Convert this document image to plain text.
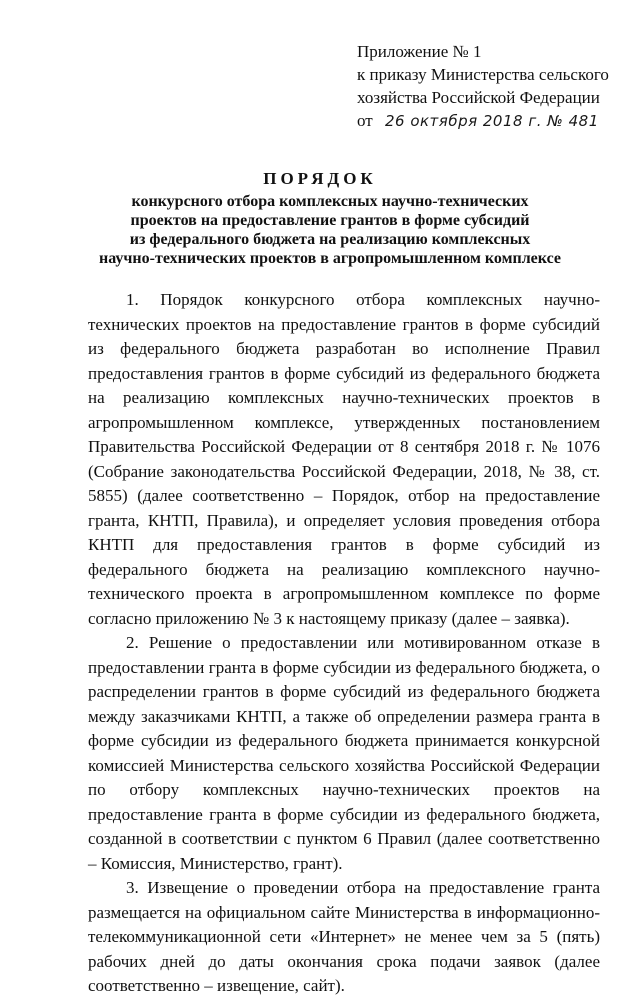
Приложение № 1
к приказу Министерства сельского
хозяйства Российской Федерации
от 26 октября 2018 г. № 481
ПОРЯДОК
конкурсного отбора комплексных научно-технических
проектов на предоставление грантов в форме субсидий
из федерального бюджета на реализацию комплексных
научно-технических проектов в агропромышленном комплексе

1. Порядок конкурсного отбора комплексных научно-технических проектов на предоставление грантов в форме субсидий из федерального бюджета разработан во исполнение Правил предоставления грантов в форме субсидий из федерального бюджета на реализацию комплексных научно-технических проектов в агропромышленном комплексе, утвержденных постановлением Правительства Российской Федерации от 8 сентября 2018 г. № 1076 (Собрание законодательства Российской Федерации, 2018, № 38, ст. 5855) (далее соответственно – Порядок, отбор на предоставление гранта, КНТП, Правила), и определяет условия проведения отбора КНТП для предоставления грантов в форме субсидий из федерального бюджета на реализацию комплексного научно-технического проекта в агропромышленном комплексе по форме согласно приложению № 3 к настоящему приказу (далее – заявка).

2. Решение о предоставлении или мотивированном отказе в предоставлении гранта в форме субсидии из федерального бюджета, о распределении грантов в форме субсидий из федерального бюджета между заказчиками КНТП, а также об определении размера гранта в форме субсидии из федерального бюджета принимается конкурсной комиссией Министерства сельского хозяйства Российской Федерации по отбору комплексных научно-технических проектов на предоставление гранта в форме субсидии из федерального бюджета, созданной в соответствии с пунктом 6 Правил (далее соответственно – Комиссия, Министерство, грант).

3. Извещение о проведении отбора на предоставление гранта размещается на официальном сайте Министерства в информационно-телекоммуникационной сети «Интернет» не менее чем за 5 (пять) рабочих дней до даты окончания срока подачи заявок (далее соответственно – извещение, сайт).
